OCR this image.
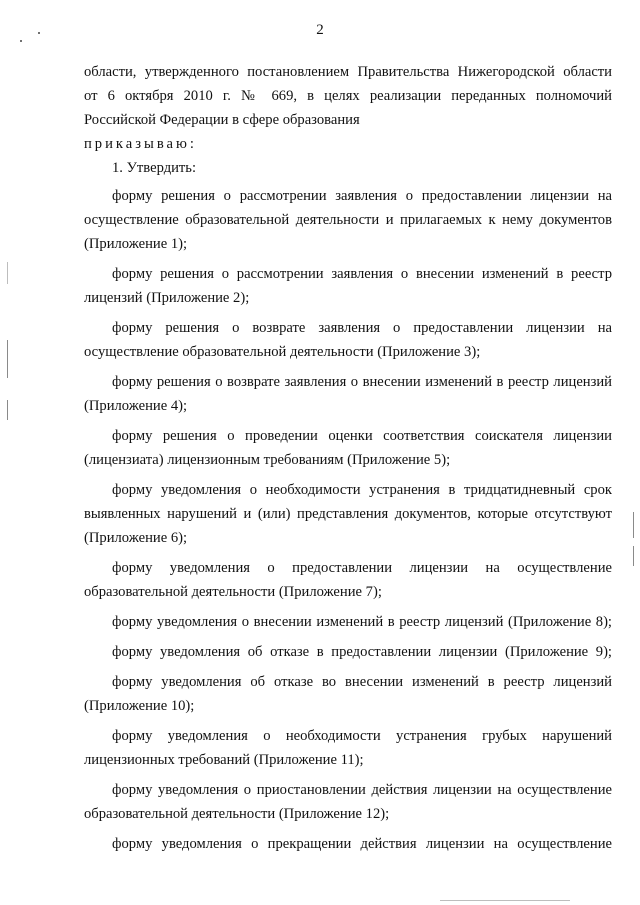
2
области, утвержденного постановлением Правительства Нижегородской области
от 6 октября 2010 г. № 669, в целях реализации переданных полномочий
Российской Федерации в сфере образования
приказываю:
1. Утвердить:
форму решения о рассмотрении заявления о предоставлении лицензии на
осуществление образовательной деятельности и прилагаемых к нему документов
(Приложение 1);
форму решения о рассмотрении заявления о внесении изменений в реестр
лицензий (Приложение 2);
форму решения о возврате заявления о предоставлении лицензии на
осуществление образовательной деятельности (Приложение 3);
форму решения о возврате заявления о внесении изменений в реестр лицензий
(Приложение 4);
форму решения о проведении оценки соответствия соискателя лицензии
(лицензиата) лицензионным требованиям (Приложение 5);
форму уведомления о необходимости устранения в тридцатидневный срок
выявленных нарушений и (или) представления документов, которые отсутствуют
(Приложение 6);
форму уведомления о предоставлении лицензии на осуществление
образовательной деятельности (Приложение 7);
форму уведомления о внесении изменений в реестр лицензий (Приложение 8);
форму уведомления об отказе в предоставлении лицензии (Приложение 9);
форму уведомления об отказе во внесении изменений в реестр лицензий
(Приложение 10);
форму уведомления о необходимости устранения грубых нарушений
лицензионных требований (Приложение 11);
форму уведомления о приостановлении действия лицензии на осуществление
образовательной деятельности (Приложение 12);
форму уведомления о прекращении действия лицензии на осуществление
